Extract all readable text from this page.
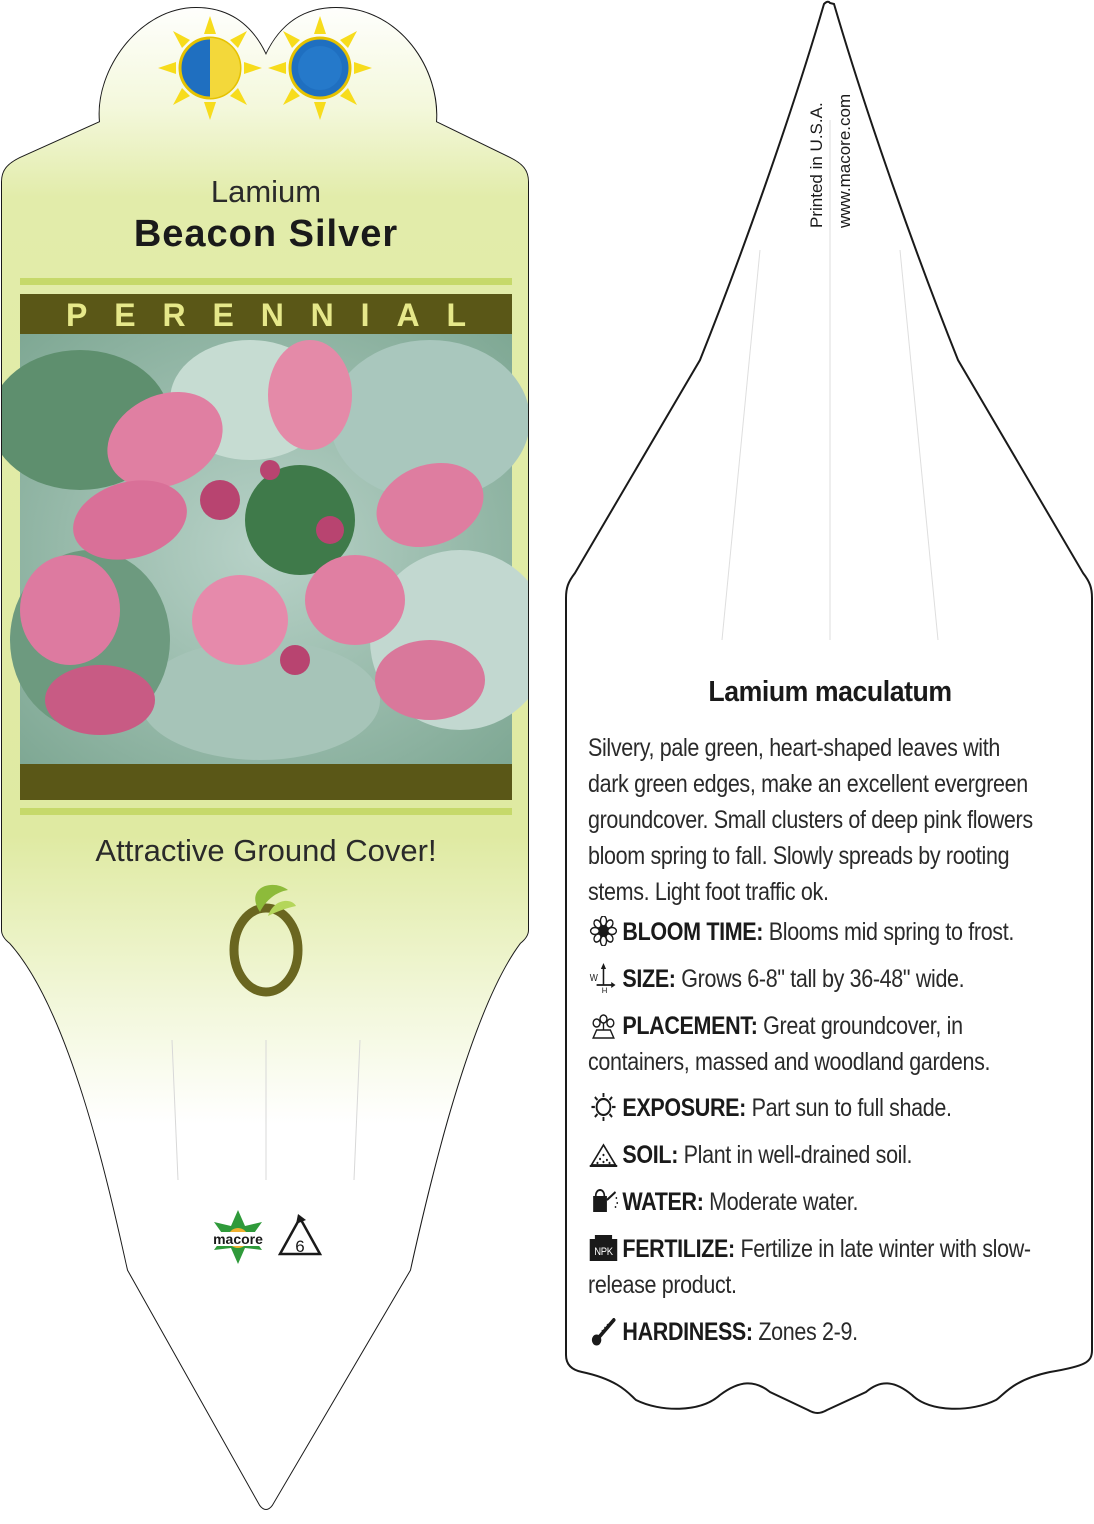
Lamium
Beacon Silver
PERENNIAL
Attractive Ground Cover!
macore 6
Printed in U.S.A. www.macore.com
Lamium maculatum
Silvery, pale green, heart-shaped leaves with dark green edges, make an excellent evergreen groundcover. Small clusters of deep pink flowers bloom spring to fall. Slowly spreads by rooting stems. Light foot traffic ok.
BLOOM TIME: Blooms mid spring to frost.
W
H SIZE: Grows 6-8" tall by 36-48" wide.
PLACEMENT: Great groundcover, in containers, massed and woodland gardens.
EXPOSURE: Part sun to full shade.
SOIL: Plant in well-drained soil.
WATER: Moderate water.
NPK FERTILIZE: Fertilize in late winter with slow-release product.
HARDINESS: Zones 2-9.
